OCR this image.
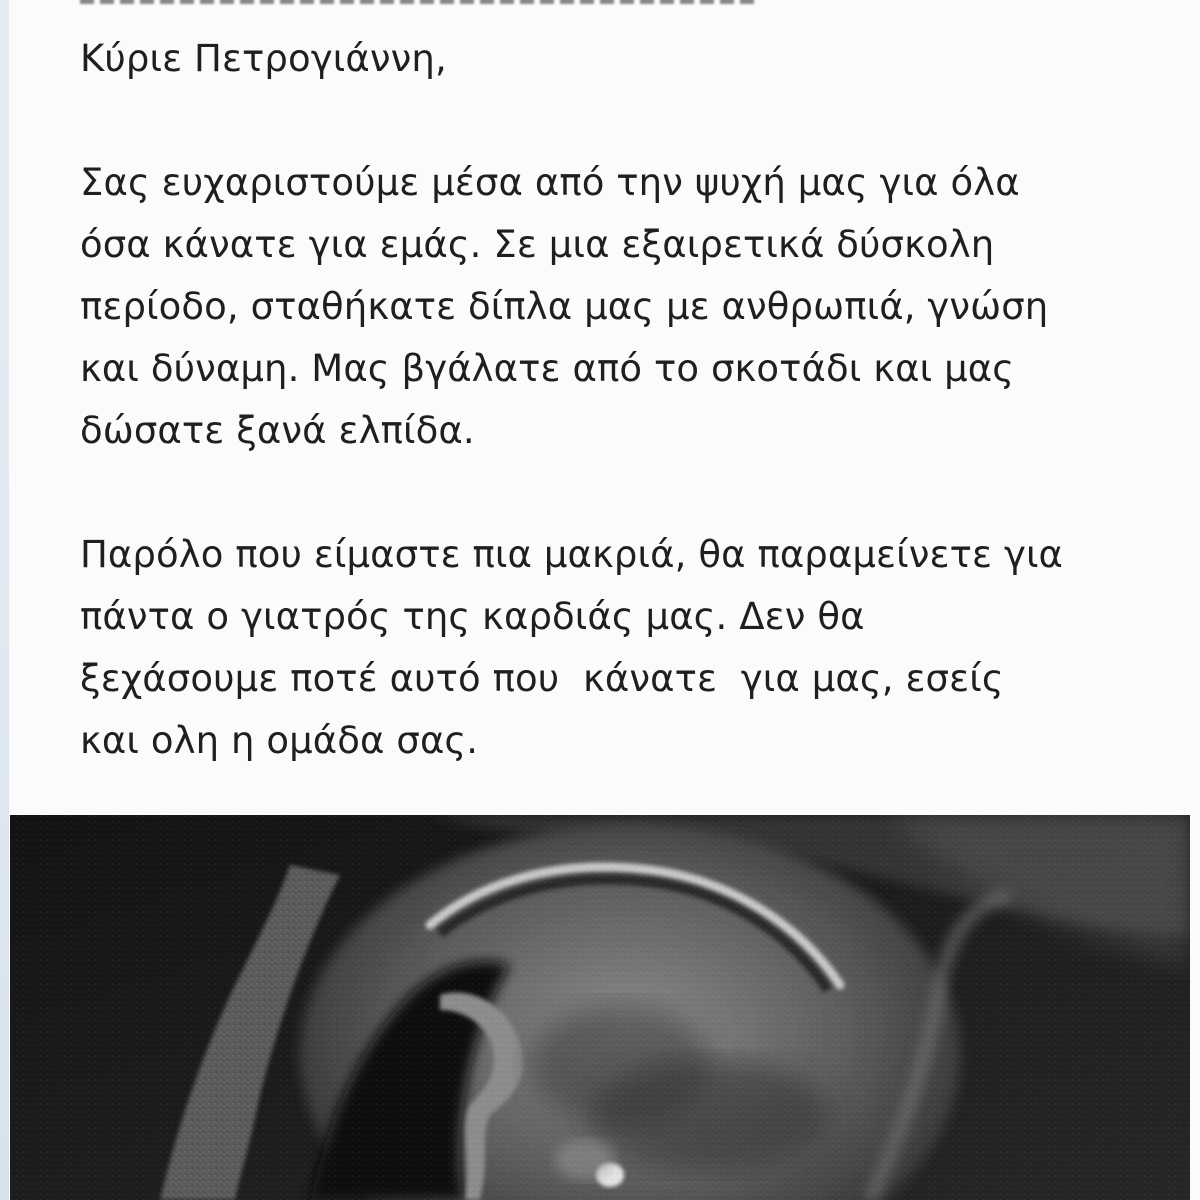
Κύριε Πετρογιάννη,
Σας ευχαριστούμε μέσα από την ψυχή μας για όλα
όσα κάνατε για εμάς. Σε μια εξαιρετικά δύσκολη
περίοδο, σταθήκατε δίπλα μας με ανθρωπιά, γνώση
και δύναμη. Μας βγάλατε από το σκοτάδι και μας
δώσατε ξανά ελπίδα.
Παρόλο που είμαστε πια μακριά, θα παραμείνετε για
πάντα ο γιατρός της καρδιάς μας. Δεν θα
ξεχάσουμε ποτέ αυτό που  κάνατε  για μας, εσείς
και ολη η ομάδα σας.
